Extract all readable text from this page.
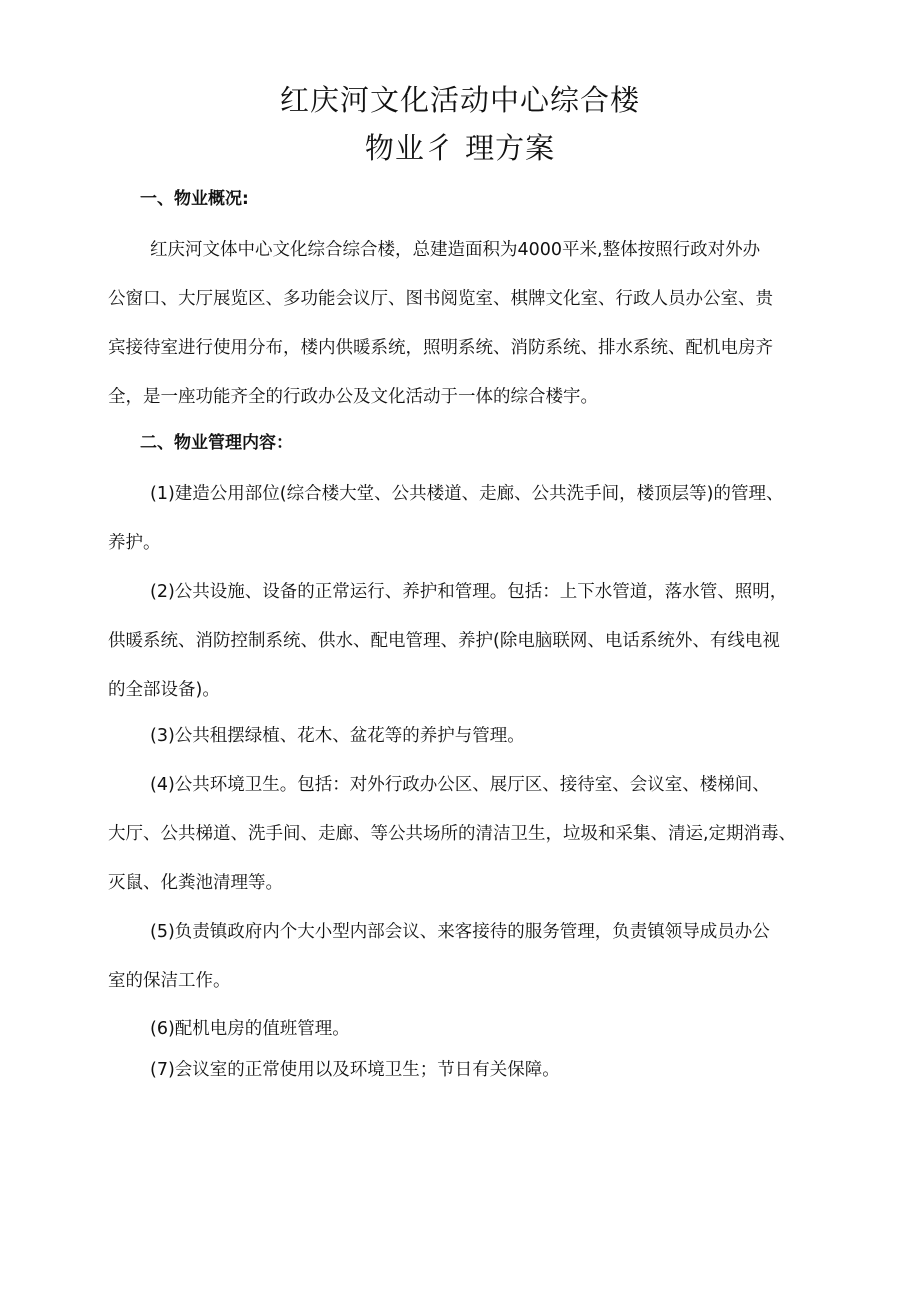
红庆河文化活动中心综合楼
物业彳 理方案
一、物业概况:
红庆河文体中心文化综合综合楼，总建造面积为4000平米,整体按照行政对外办
公窗口、大厅展览区、多功能会议厅、图书阅览室、棋牌文化室、行政人员办公室、贵
宾接待室进行使用分布，楼内供暖系统，照明系统、消防系统、排水系统、配机电房齐
全，是一座功能齐全的行政办公及文化活动于一体的综合楼宇。
二、物业管理内容：
(1)建造公用部位(综合楼大堂、公共楼道、走廊、公共洗手间，楼顶层等)的管理、
养护。
(2)公共设施、设备的正常运行、养护和管理。包括：上下水管道，落水管、照明，
供暖系统、消防控制系统、供水、配电管理、养护(除电脑联网、电话系统外、有线电视
的全部设备)。
(3)公共租摆绿植、花木、盆花等的养护与管理。
(4)公共环境卫生。包括：对外行政办公区、展厅区、接待室、会议室、楼梯间、
大厅、公共梯道、洗手间、走廊、等公共场所的清洁卫生，垃圾和采集、清运,定期消毒、
灭鼠、化粪池清理等。
(5)负责镇政府内个大小型内部会议、来客接待的服务管理，负责镇领导成员办公
室的保洁工作。
(6)配机电房的值班管理。
(7)会议室的正常使用以及环境卫生；节日有关保障。
